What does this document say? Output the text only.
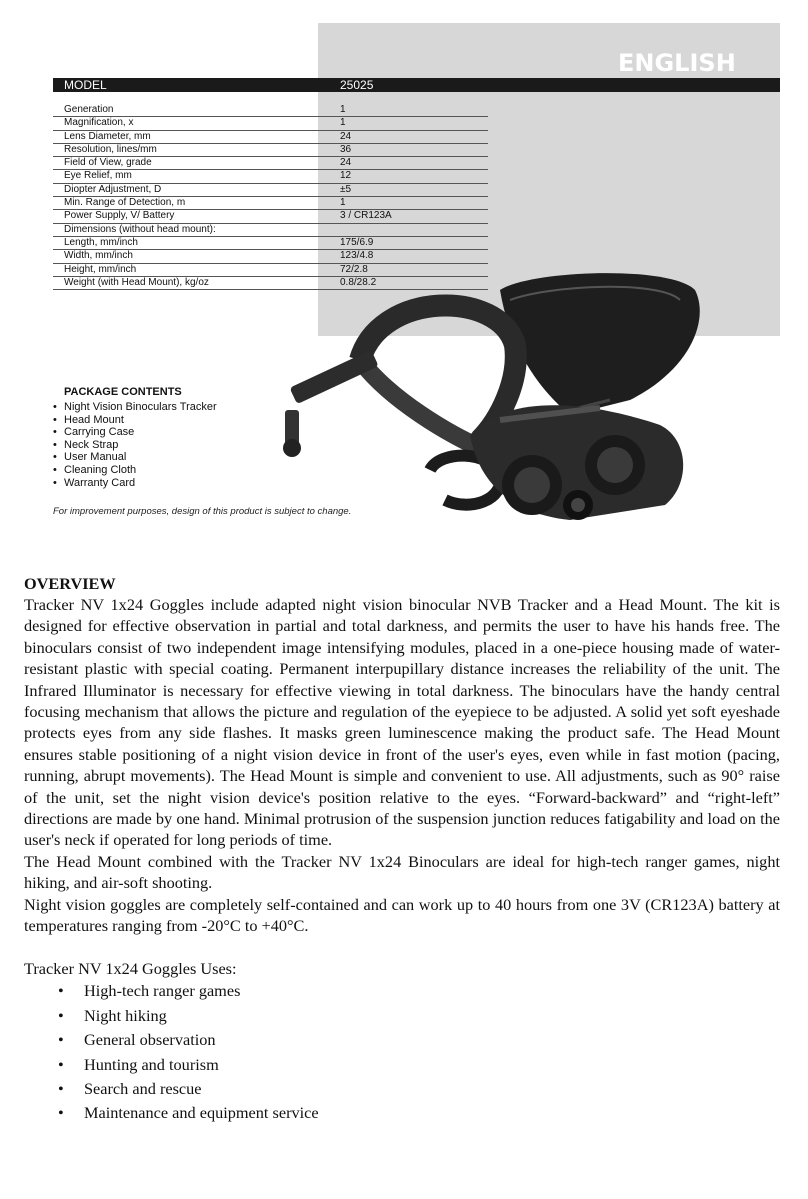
ENGLISH
MODEL	25025
Generation	1
Magnification, x	1
Lens Diameter, mm	24
Resolution, lines/mm	36
Field of View, grade	24
Eye Relief, mm	12
Diopter Adjustment, D	±5
Min. Range of Detection, m	1
Power Supply, V/ Battery	3 / CR123A
Dimensions (without head mount):
Length, mm/inch	175/6.9
Width, mm/inch	123/4.8
Height, mm/inch	72/2.8
Weight (with Head Mount), kg/oz	0.8/28.2
PACKAGE CONTENTS
• Night Vision Binoculars Tracker
• Head Mount
• Carrying Case
• Neck Strap
• User Manual
• Cleaning Cloth
• Warranty Card
For improvement purposes, design of this product is subject to change.
OVERVIEW

Tracker NV 1x24 Goggles include adapted night vision binocular NVB Tracker and a Head Mount. The kit is designed for effective observation in partial and total darkness, and permits the user to have his hands free. The binoculars consist of two independent image intensifying modules, placed in a one-piece housing made of water-resistant plastic with special coating. Permanent interpupillary distance increases the reliability of the unit. The Infrared Illuminator is necessary for effective viewing in total darkness. The binoculars have the handy central focusing mechanism that allows the picture and regulation of the eyepiece to be adjusted. A solid yet soft eyeshade protects eyes from any side flashes. It masks green luminescence making the product safe. The Head Mount ensures stable positioning of a night vision device in front of the user's eyes, even while in fast motion (pacing, running, abrupt movements). The Head Mount is simple and convenient to use. All adjustments, such as 90° raise of the unit, set the night vision device's position relative to the eyes. “Forward-backward” and “right-left” directions are made by one hand. Minimal protrusion of the suspension junction reduces fatigability and load on the user's neck if operated for long periods of time.

The Head Mount combined with the Tracker NV 1x24 Binoculars are ideal for high-tech ranger games, night hiking, and air-soft shooting.

Night vision goggles are completely self-contained and can work up to 40 hours from one 3V (CR123A) battery at temperatures ranging from -20°C to +40°C.

Tracker NV 1x24 Goggles Uses:

• High-tech ranger games
• Night hiking
• General observation
• Hunting and tourism
• Search and rescue
• Maintenance and equipment service
